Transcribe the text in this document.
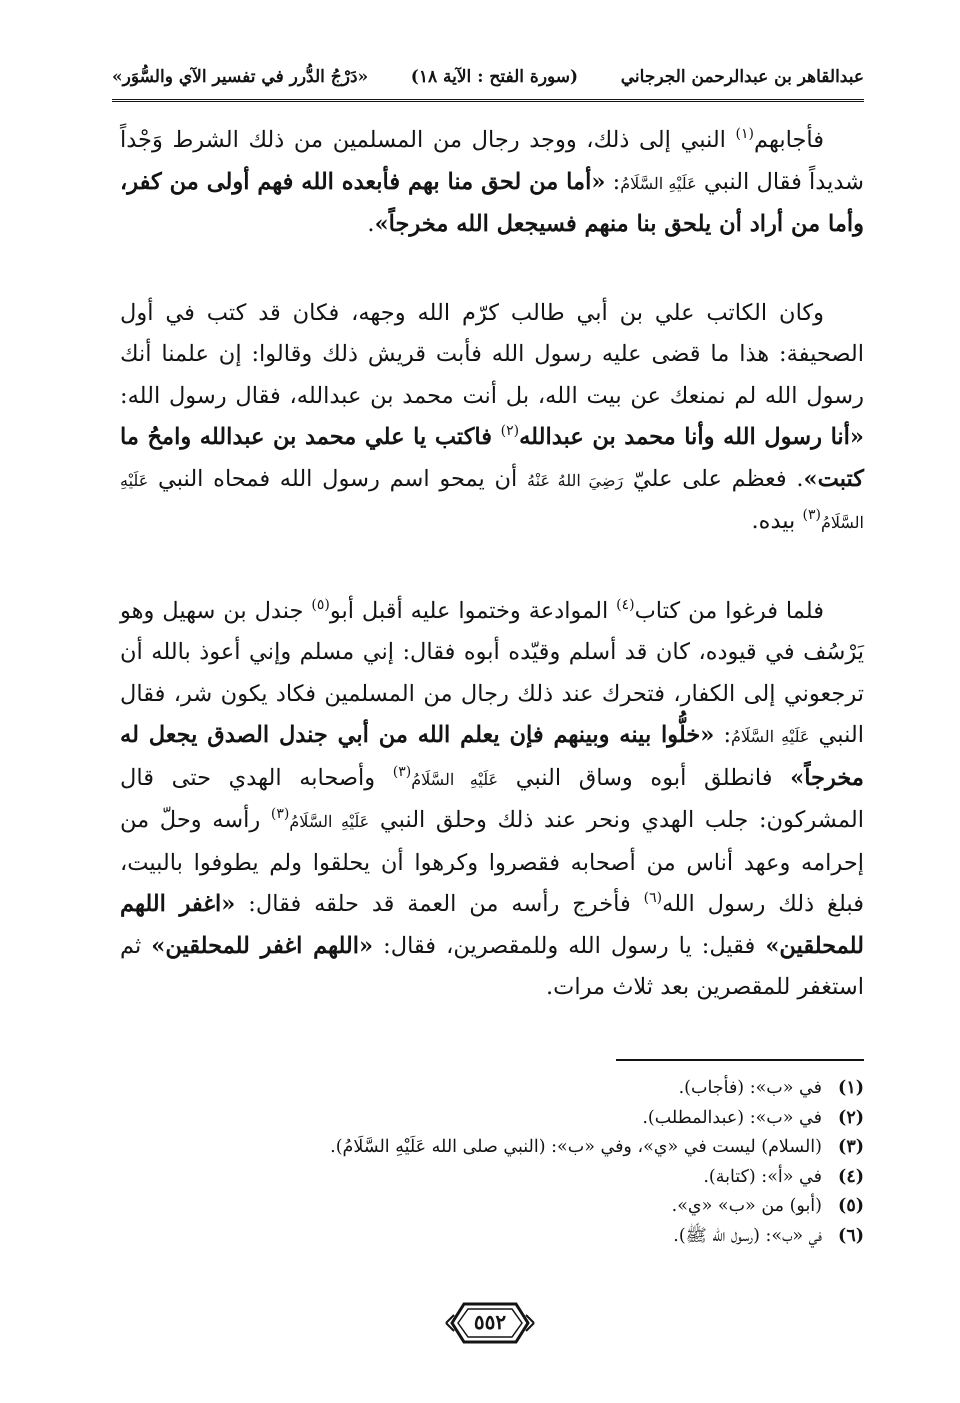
عبدالقاهر بن عبدالرحمن الجرجاني
(سورة الفتح : الآية ١٨)
«دَرْجُ الدُّرر في تفسير الآي والسُّوَر»

فأجابهم$^{(١)}$ النبي إلى ذلك، ووجد رجال من المسلمين من ذلك الشرط وَجْداً شديداً فقال النبي عَلَيْهِ السَّلَامُ: «أما من لحق منا بهم فأبعده الله فهم أولى من كفر، وأما من أراد أن يلحق بنا منهم فسيجعل الله مخرجاً».

وكان الكاتب علي بن أبي طالب كرّم الله وجهه، فكان قد كتب في أول الصحيفة: هذا ما قضى عليه رسول الله فأبت قريش ذلك وقالوا: إن علمنا أنك رسول الله لم نمنعك عن بيت الله، بل أنت محمد بن عبدالله، فقال رسول الله: «أنا رسول الله وأنا محمد بن عبدالله$^{(٢)}$ فاكتب يا علي محمد بن عبدالله وامحُ ما كتبت». فعظم على عليّ رَضِيَ اللهُ عَنْهُ أن يمحو اسم رسول الله فمحاه النبي عَلَيْهِ السَّلَامُ$^{(٣)}$ بيده.

فلما فرغوا من كتاب$^{(٤)}$ الموادعة وختموا عليه أقبل أبو$^{(٥)}$ جندل بن سهيل وهو يَرْسُف في قيوده، كان قد أسلم وقيّده أبوه فقال: إني مسلم وإني أعوذ بالله أن ترجعوني إلى الكفار، فتحرك عند ذلك رجال من المسلمين فكاد يكون شر، فقال النبي عَلَيْهِ السَّلَامُ: «خلُّوا بينه وبينهم فإن يعلم الله من أبي جندل الصدق يجعل له مخرجاً» فانطلق أبوه وساق النبي عَلَيْهِ السَّلَامُ$^{(٣)}$ وأصحابه الهدي حتى قال المشركون: جلب الهدي ونحر عند ذلك وحلق النبي عَلَيْهِ السَّلَامُ$^{(٣)}$ رأسه وحلّ من إحرامه وعهد أناس من أصحابه فقصروا وكرهوا أن يحلقوا ولم يطوفوا بالبيت، فبلغ ذلك رسول الله$^{(٦)}$ فأخرج رأسه من العمة قد حلقه فقال: «اغفر اللهم للمحلقين» فقيل: يا رسول الله وللمقصرين، فقال: «اللهم اغفر للمحلقين» ثم استغفر للمقصرين بعد ثلاث مرات.

(١)
في «ب»: (فأجاب).
(٢)
في «ب»: (عبدالمطلب).
(٣)
(السلام) ليست في «ي»، وفي «ب»: (النبي صلى الله عَلَيْهِ السَّلَامُ).
(٤)
في «أ»: (كتابة).
(٥)
(أبو) من «ب» «ي».
(٦)
في «ب»: (رسول الله ﷺ).
٥٥٢
